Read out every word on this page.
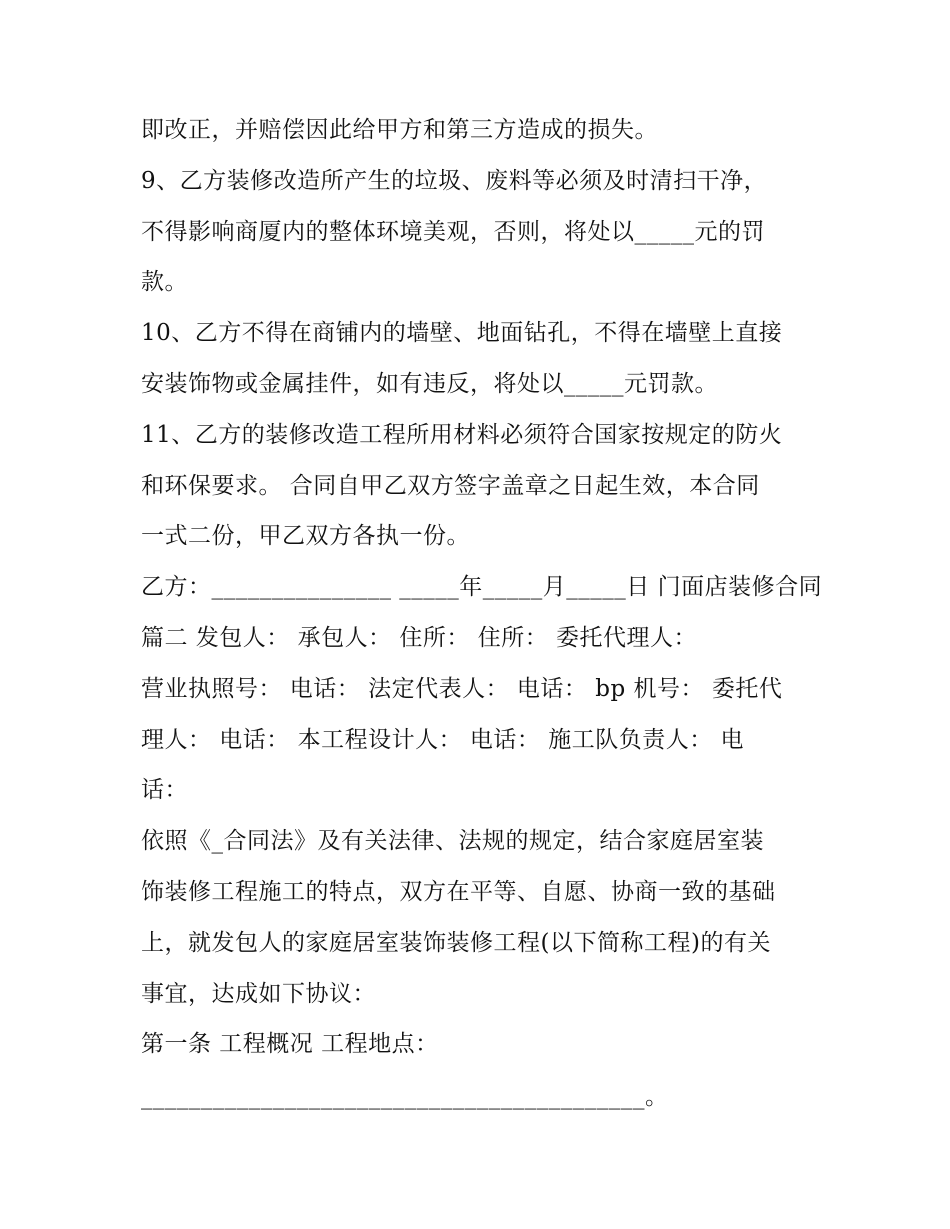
即改正，并赔偿因此给甲方和第三方造成的损失。
9、乙方装修改造所产生的垃圾、废料等必须及时清扫干净，
不得影响商厦内的整体环境美观，否则，将处以_____元的罚
款。
10、乙方不得在商铺内的墙壁、地面钻孔，不得在墙壁上直接
安装饰物或金属挂件，如有违反，将处以_____元罚款。
11、乙方的装修改造工程所用材料必须符合国家按规定的防火
和环保要求。 合同自甲乙双方签字盖章之日起生效，本合同
一式二份，甲乙双方各执一份。
乙方：_______________ _____年_____月_____日 门面店装修合同
篇二 发包人： 承包人： 住所： 住所： 委托代理人：
营业执照号： 电话： 法定代表人： 电话： bp 机号： 委托代
理人： 电话： 本工程设计人： 电话： 施工队负责人： 电
话：
依照《_合同法》及有关法律、法规的规定，结合家庭居室装
饰装修工程施工的特点，双方在平等、自愿、协商一致的基础
上，就发包人的家庭居室装饰装修工程(以下简称工程)的有关
事宜，达成如下协议：
第一条 工程概况 工程地点：
__________________________________________。
